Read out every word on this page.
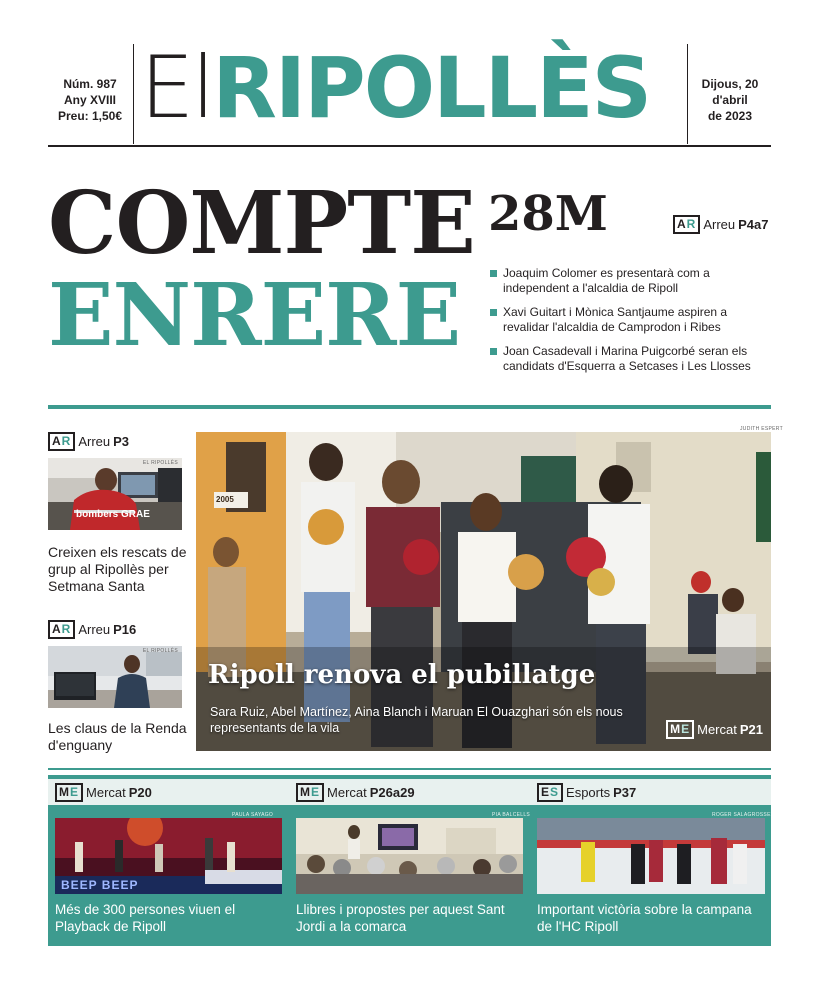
Núm. 987
Any XVIII
Preu: 1,50€ ElRIPOLLÈS	Dijous, 20
d'abril
de 2023
COMPTE
ENRERE
28M	AR Arreu P4a7
Joaquim Colomer es presentarà com a independent a l'alcaldia de Ripoll
Xavi Guitart i Mònica Santjaume aspiren a revalidar l'alcaldia de Camprodon i Ribes
Joan Casadevall i Marina Puigcorbé seran els candidats d'Esquerra a Setcases i Les Llosses
AR Arreu P3
EL RIPOLLÈS
bombers GRAE
Creixen els rescats de grup al Ripollès per Setmana Santa
AR Arreu P16
EL RIPOLLÈS
Les claus de la Renda d'enguany
JUDITH ESPERT
2005
Ripoll renova el pubillatge
Sara Ruiz, Abel Martínez, Aina Blanch i Maruan El Ouazghari són els nous representants de la vila	ME Mercat P21
ME Mercat P20
PAULA SAYAGO
BEEP BEEP
Més de 300 persones viuen el Playback de Ripoll
ME Mercat P26a29
PIA BALCELLS
Llibres i propostes per aquest Sant Jordi a la comarca
ES Esports P37
ROGER SALAGROSSE
Important victòria sobre la campana de l'HC Ripoll
